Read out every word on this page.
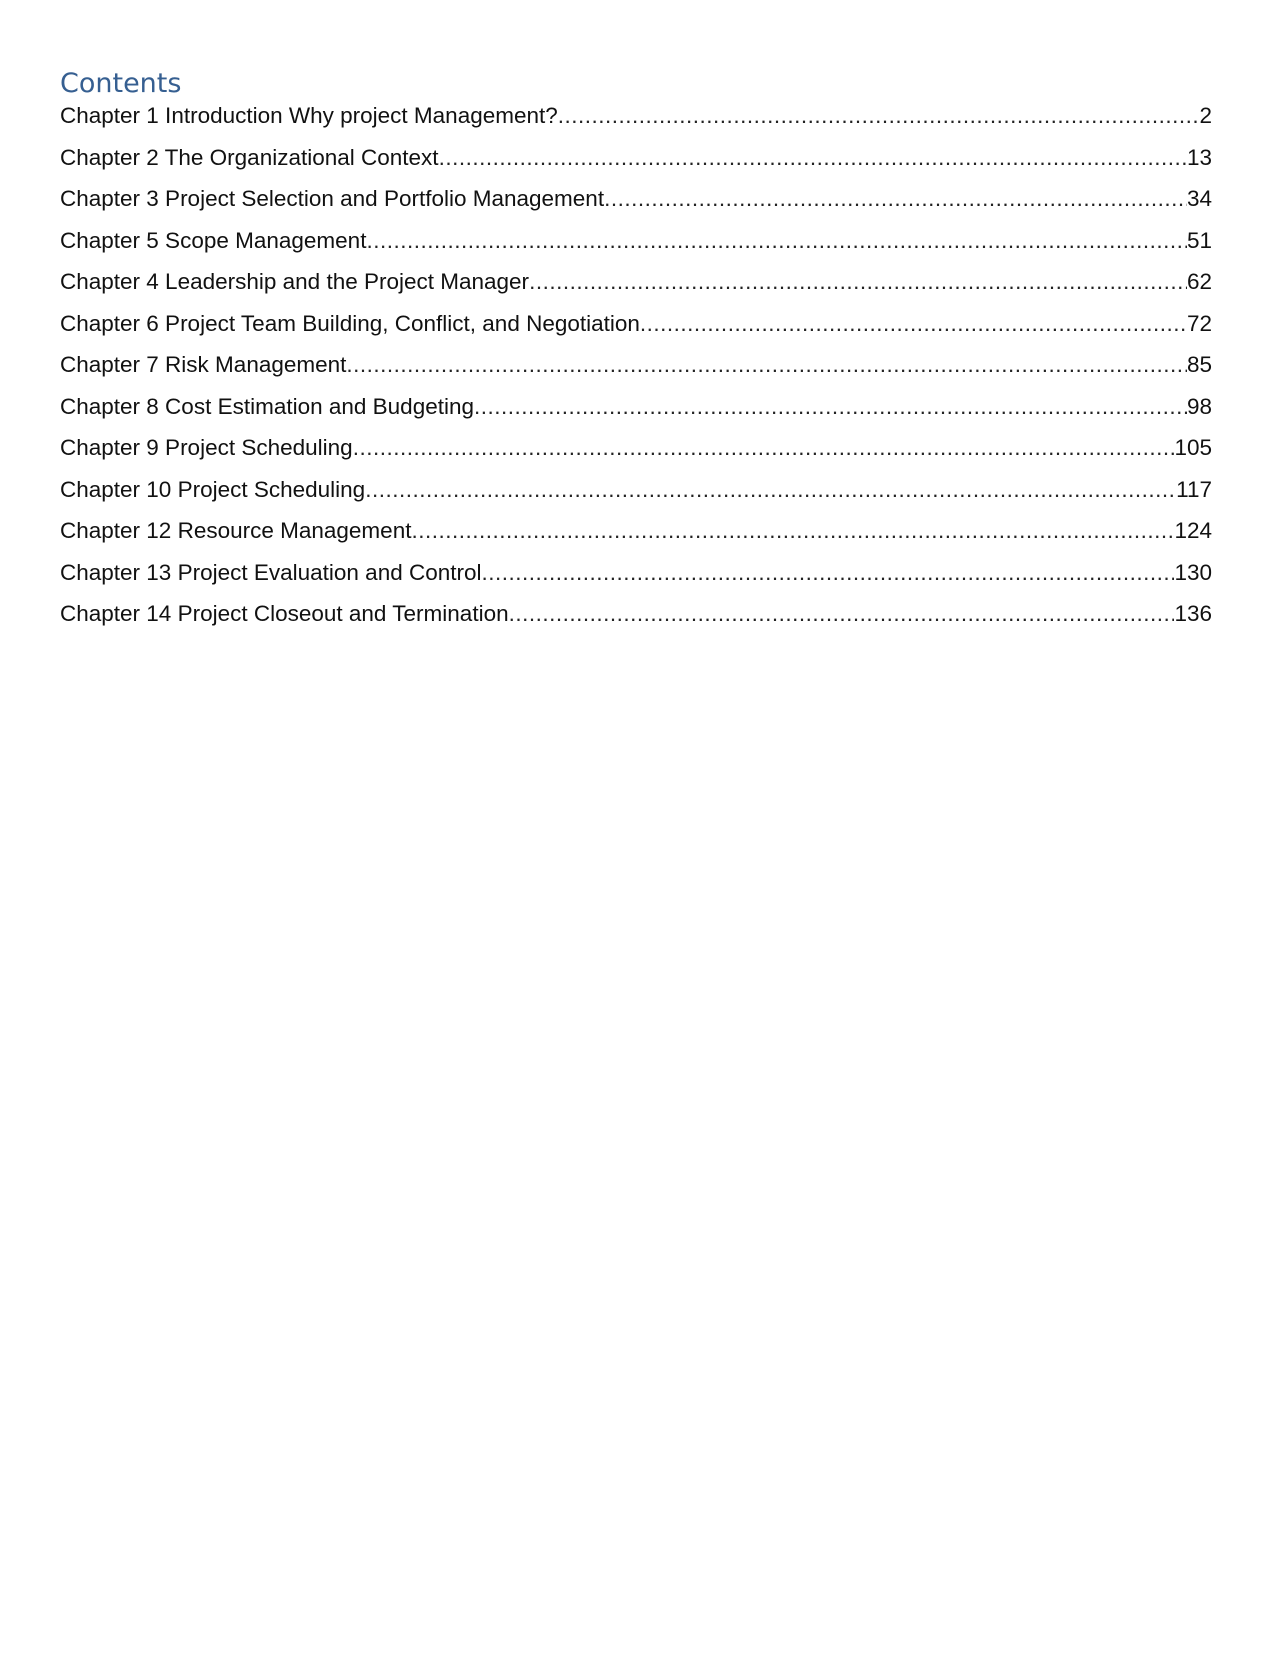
Contents
Chapter 1 Introduction Why project Management? .....	2
Chapter 2 The Organizational Context .....	13
Chapter 3 Project Selection and Portfolio Management .....	34
Chapter 5 Scope Management .....	51
Chapter 4 Leadership and the Project Manager .....	62
Chapter 6 Project Team Building, Conflict, and Negotiation .....	72
Chapter 7 Risk Management .....	85
Chapter 8 Cost Estimation and Budgeting .....	98
Chapter 9 Project Scheduling .....	105
Chapter 10 Project Scheduling .....	117
Chapter 12 Resource Management .....	124
Chapter 13 Project Evaluation and Control .....	130
Chapter 14 Project Closeout and Termination .....	136
